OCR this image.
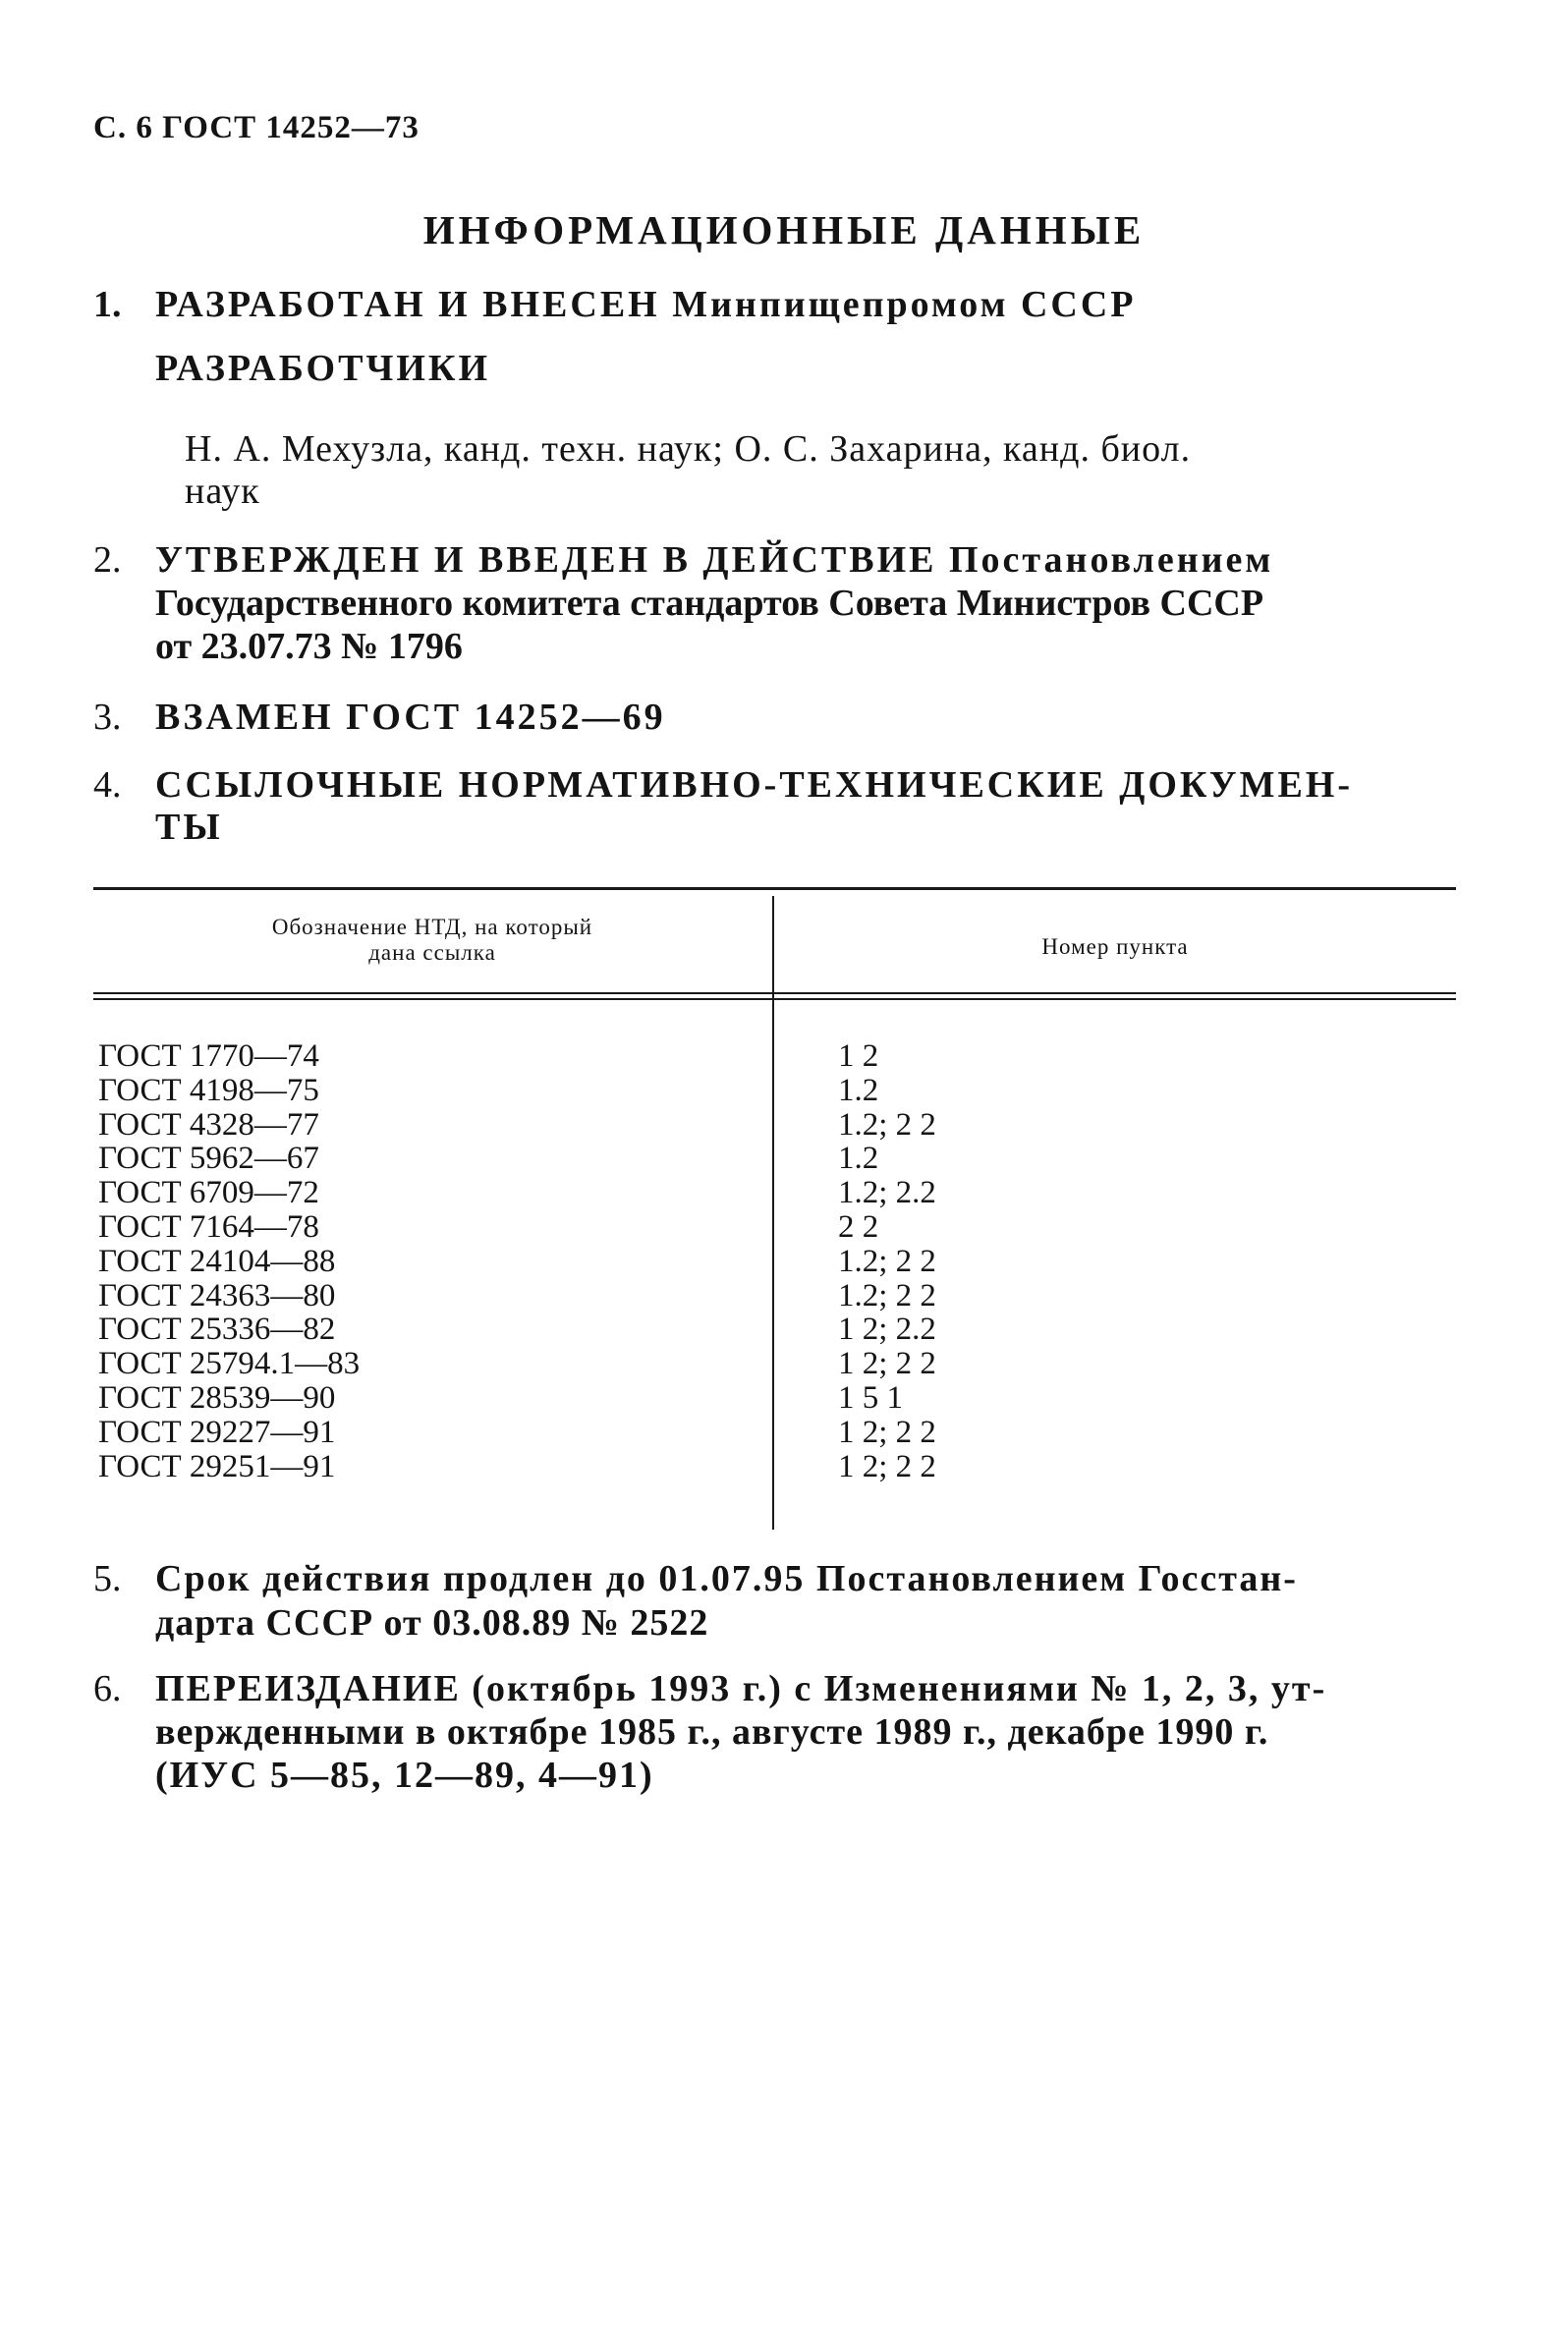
С. 6 ГОСТ 14252—73
ИНФОРМАЦИОННЫЕ ДАННЫЕ
1. РАЗРАБОТАН И ВНЕСЕН Минпищепромом СССР
РАЗРАБОТЧИКИ
Н. А. Мехузла, канд. техн. наук; О. С. Захарина, канд. биол.
наук
2. УТВЕРЖДЕН И ВВЕДЕН В ДЕЙСТВИЕ Постановлением
Государственного комитета стандартов Совета Министров СССР
от 23.07.73 № 1796
3. ВЗАМЕН ГОСТ 14252—69
4. ССЫЛОЧНЫЕ НОРМАТИВНО-ТЕХНИЧЕСКИЕ ДОКУМЕН-
ТЫ
Обозначение НТД, на который
дана ссылка	Номер пункта
ГОСТ 1770—74
ГОСТ 4198—75
ГОСТ 4328—77
ГОСТ 5962—67
ГОСТ 6709—72
ГОСТ 7164—78
ГОСТ 24104—88
ГОСТ 24363—80
ГОСТ 25336—82
ГОСТ 25794.1—83
ГОСТ 28539—90
ГОСТ 29227—91
ГОСТ 29251—91
1 2
1.2
1.2; 2 2
1.2
1.2; 2.2
2 2
1.2; 2 2
1.2; 2 2
1 2; 2.2
1 2; 2 2
1 5 1
1 2; 2 2
1 2; 2 2
5. Срок действия продлен до 01.07.95 Постановлением Госстан-
дарта СССР от 03.08.89 № 2522
6. ПЕРЕИЗДАНИЕ (октябрь 1993 г.) с Изменениями № 1, 2, 3, ут-
вержденными в октябре 1985 г., августе 1989 г., декабре 1990 г.
(ИУС 5—85, 12—89, 4—91)
